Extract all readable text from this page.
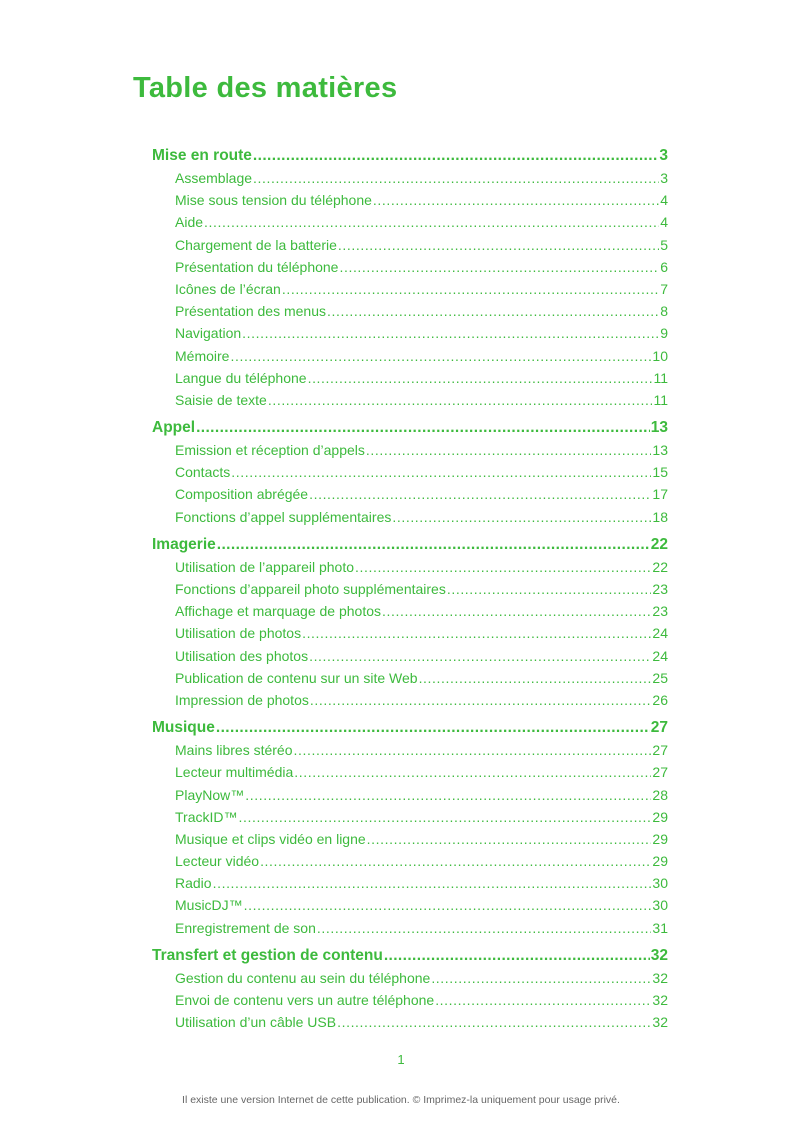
Table des matières
Mise en route .....	3
Assemblage .....	3
Mise sous tension du téléphone .....	4
Aide .....	4
Chargement de la batterie .....	5
Présentation du téléphone .....	6
Icônes de l’écran .....	7
Présentation des menus .....	8
Navigation .....	9
Mémoire .....	10
Langue du téléphone .....	11
Saisie de texte .....	11
Appel .....	13
Emission et réception d’appels .....	13
Contacts .....	15
Composition abrégée .....	17
Fonctions d’appel supplémentaires .....	18
Imagerie .....	22
Utilisation de l’appareil photo .....	22
Fonctions d’appareil photo supplémentaires .....	23
Affichage et marquage de photos .....	23
Utilisation de photos .....	24
Utilisation des photos .....	24
Publication de contenu sur un site Web .....	25
Impression de photos .....	26
Musique .....	27
Mains libres stéréo .....	27
Lecteur multimédia .....	27
PlayNow™ .....	28
TrackID™ .....	29
Musique et clips vidéo en ligne .....	29
Lecteur vidéo .....	29
Radio .....	30
MusicDJ™ .....	30
Enregistrement de son .....	31
Transfert et gestion de contenu .....	32
Gestion du contenu au sein du téléphone .....	32
Envoi de contenu vers un autre téléphone .....	32
Utilisation d’un câble USB .....	32
1
Il existe une version Internet de cette publication. © Imprimez-la uniquement pour usage privé.
